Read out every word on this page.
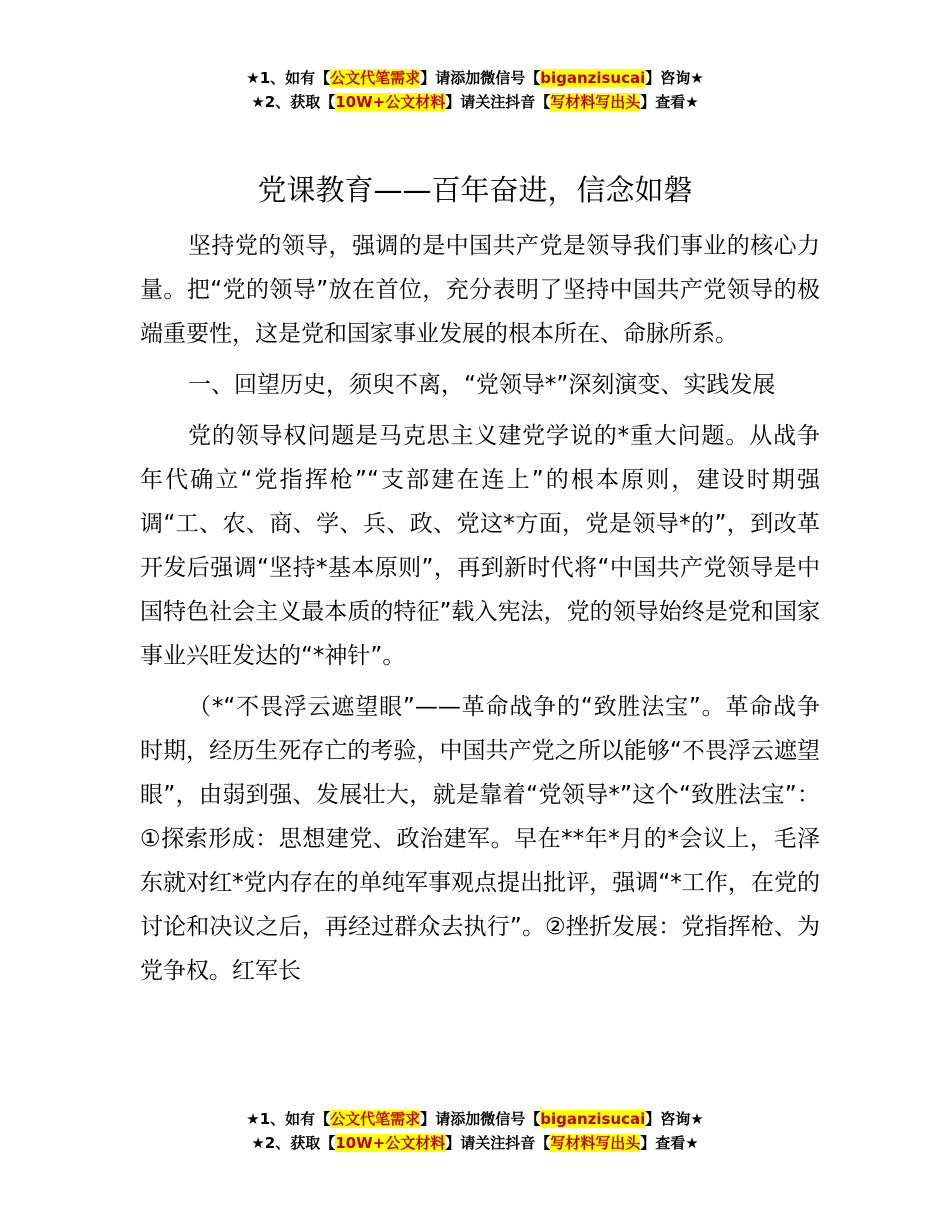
★1、如有【公文代笔需求】请添加微信号【biganzisucai】咨询★
★2、获取【10W+公文材料】请关注抖音【写材料写出头】查看★
党课教育——百年奋进，信念如磐

坚持党的领导，强调的是中国共产党是领导我们事业的核心力量。把“党的领导”放在首位，充分表明了坚持中国共产党领导的极端重要性，这是党和国家事业发展的根本所在、命脉所系。

一、回望历史，须臾不离，“党领导*”深刻演变、实践发展

党的领导权问题是马克思主义建党学说的*重大问题。从战争年代确立“党指挥枪”“支部建在连上”的根本原则，建设时期强调“工、农、商、学、兵、政、党这*方面，党是领导*的”，到改革开发后强调“坚持*基本原则”，再到新时代将“中国共产党领导是中国特色社会主义最本质的特征”载入宪法，党的领导始终是党和国家事业兴旺发达的“*神针”。

（*“不畏浮云遮望眼”——革命战争的“致胜法宝”。革命战争时期，经历生死存亡的考验，中国共产党之所以能够“不畏浮云遮望眼”，由弱到强、发展壮大，就是靠着“党领导*”这个“致胜法宝”：①探索形成：思想建党、政治建军。早在**年*月的*会议上，毛泽东就对红*党内存在的单纯军事观点提出批评，强调“*工作，在党的讨论和决议之后，再经过群众去执行”。②挫折发展：党指挥枪、为党争权。红军长

★1、如有【公文代笔需求】请添加微信号【biganzisucai】咨询★
★2、获取【10W+公文材料】请关注抖音【写材料写出头】查看★
